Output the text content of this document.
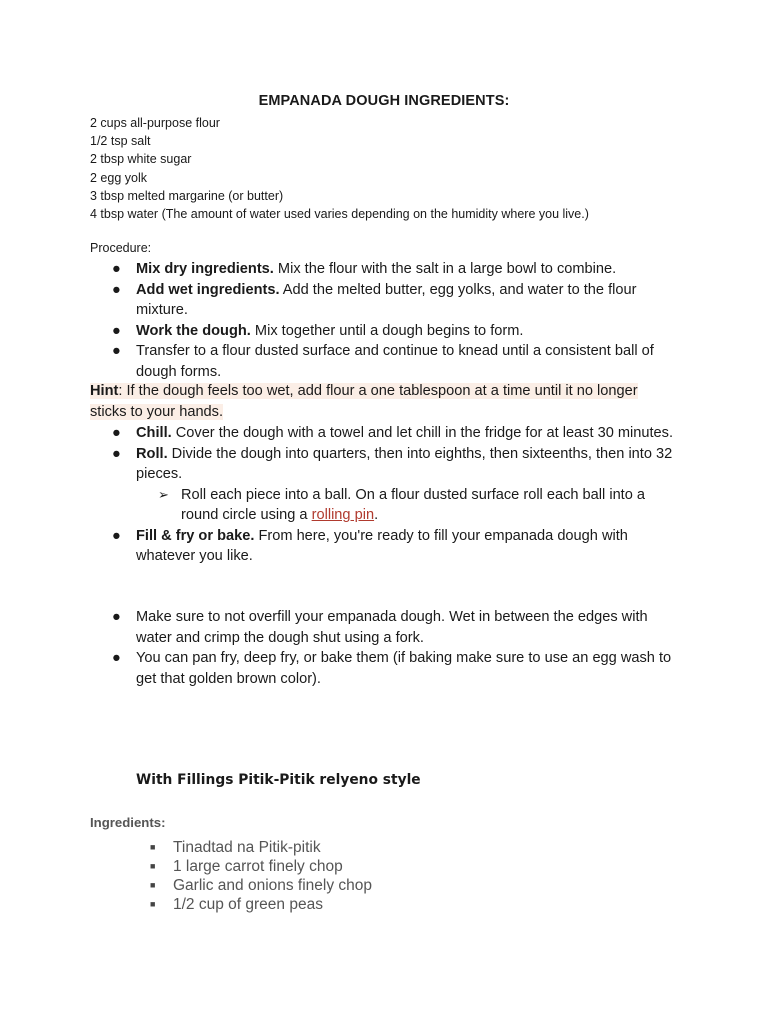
EMPANADA DOUGH INGREDIENTS:
2 cups all-purpose flour
1/2 tsp salt
2 tbsp white sugar
2 egg yolk
3 tbsp melted margarine (or butter)
4 tbsp water (The amount of water used varies depending on the humidity where you live.)
Procedure:
● Mix dry ingredients. Mix the flour with the salt in a large bowl to combine.
● Add wet ingredients. Add the melted butter, egg yolks, and water to the flour mixture.
● Work the dough. Mix together until a dough begins to form.
● Transfer to a flour dusted surface and continue to knead until a consistent ball of dough forms.
Hint: If the dough feels too wet, add flour a one tablespoon at a time until it no longer sticks to your hands.
● Chill. Cover the dough with a towel and let chill in the fridge for at least 30 minutes.
● Roll. Divide the dough into quarters, then into eighths, then sixteenths, then into 32 pieces.
➢ Roll each piece into a ball. On a flour dusted surface roll each ball into a round circle using a rolling pin.
● Fill & fry or bake. From here, you're ready to fill your empanada dough with whatever you like.
● Make sure to not overfill your empanada dough. Wet in between the edges with water and crimp the dough shut using a fork.
● You can pan fry, deep fry, or bake them (if baking make sure to use an egg wash to get that golden brown color).
With Fillings Pitik-Pitik relyeno style
Ingredients:
■ Tinadtad na Pitik-pitik
■ 1 large carrot finely chop
■ Garlic and onions finely chop
■ 1/2 cup of green peas
